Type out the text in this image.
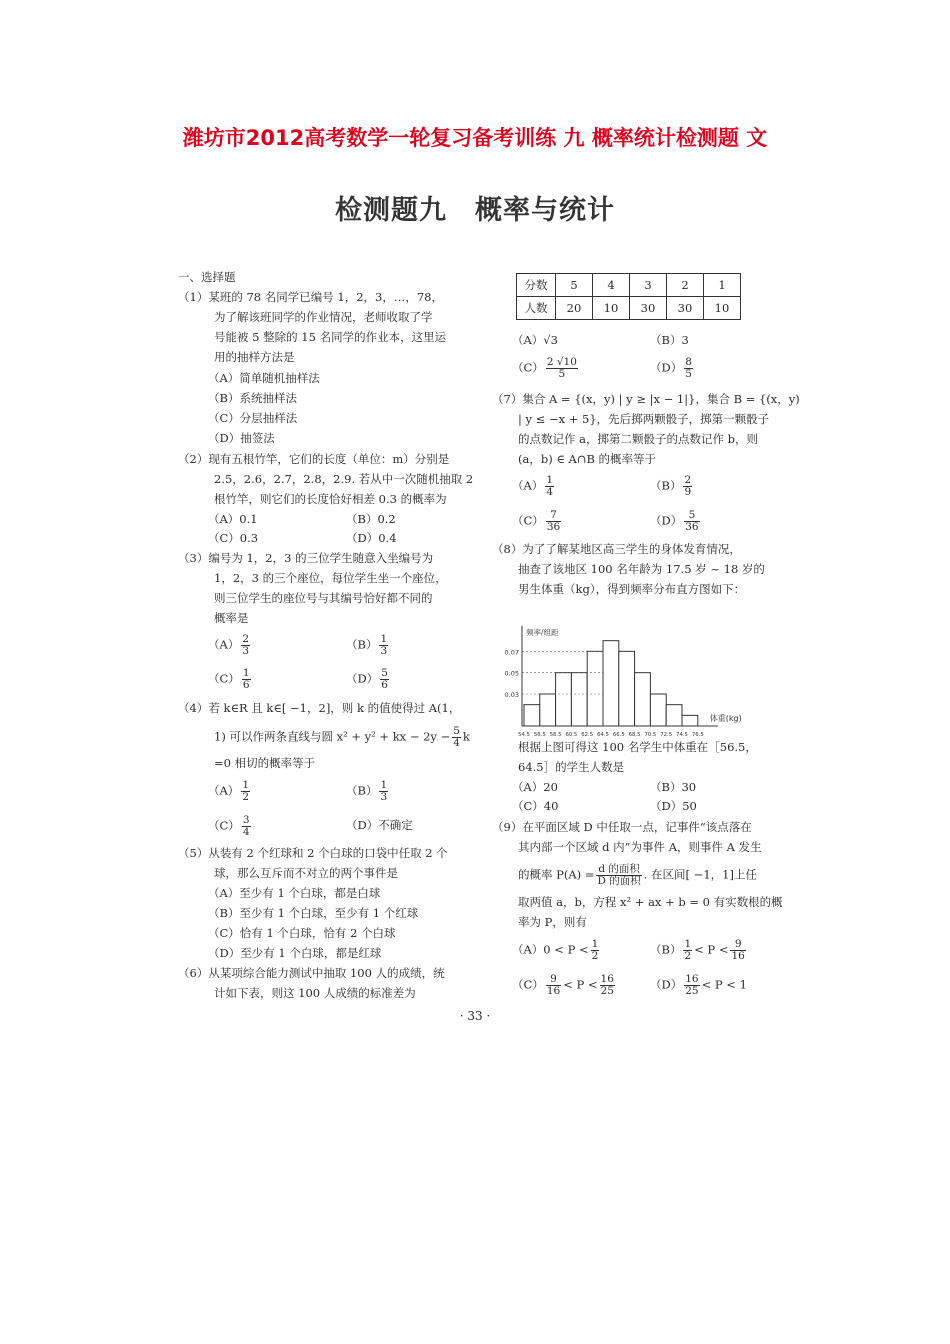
潍坊市2012高考数学一轮复习备考训练 九 概率统计检测题 文
检测题九　概率与统计
一、选择题
（1）某班的 78 名同学已编号 1，2，3，…，78，
为了解该班同学的作业情况，老师收取了学
号能被 5 整除的 15 名同学的作业本，这里运
用的抽样方法是
（A）简单随机抽样法
（B）系统抽样法
（C）分层抽样法
（D）抽签法
（2）现有五根竹竿，它们的长度（单位：m）分别是
2.5，2.6，2.7，2.8，2.9. 若从中一次随机抽取 2
根竹竿，则它们的长度恰好相差 0.3 的概率为
（A）0.1	（B）0.2
（C）0.3	（D）0.4
（3）编号为 1，2，3 的三位学生随意入坐编号为
1，2，3 的三个座位，每位学生坐一个座位，
则三位学生的座位号与其编号恰好都不同的
概率是
$(A) \frac{2}{3}$	$(B) \frac{1}{3}$
$(C) \frac{1}{6}$	$(D) \frac{5}{6}$
（4）若 k∈R 且 k∈[ −1，2]，则 k 的值使得过 A(1，
1) 可以作两条直线与圆 x² + y² + kx − $2y - \frac{5}{4}$ k
=0 相切的概率等于
$(A) \frac{1}{2}$	$(B) \frac{1}{3}$
$(C) \frac{3}{4}$	（D）不确定
（5）从装有 2 个红球和 2 个白球的口袋中任取 2 个
球，那么互斥而不对立的两个事件是
（A）至少有 1 个白球，都是白球
（B）至少有 1 个白球，至少有 1 个红球
（C）恰有 1 个白球，恰有 2 个白球
（D）至少有 1 个白球，都是红球
（6）从某项综合能力测试中抽取 100 人的成绩，统
计如下表，则这 100 人成绩的标准差为
分数	5	4	3	2	1
人数	20	10	30	30	10
（A）√3	（B）3
$(C) \frac{2 √10}{5}$	$(D) \frac{8}{5}$
（7）集合 A = {(x，y) | y ≥ |x − 1|}，集合 B = {(x，y)
| y ≤ −x + 5}，先后掷两颗骰子，掷第一颗骰子
的点数记作 a，掷第二颗骰子的点数记作 b，则
(a，b) ∈ A∩B 的概率等于
$(A) \frac{1}{4}$	$(B) \frac{2}{9}$
$(C) \frac{7}{36}$	$(D) \frac{5}{36}$
（8）为了了解某地区高三学生的身体发育情况，
抽查了该地区 100 名年龄为 17.5 岁 ~ 18 岁的
男生体重（kg），得到频率分布直方图如下：
频率/组距
0.03
0.05
0.07
54.5 56.5 58.5 60.5 62.5 64.5 66.5 68.5 70.5 72.5 74.5 76.5
体重(kg)
根据上图可得这 100 名学生中体重在［56.5，
64.5］的学生人数是
（A）20	（B）30
（C）40	（D）50
（9）在平面区域 D 中任取一点，记事件“该点落在
其内部一个区域 d 内”为事件 A，则事件 A 发生
的概率 $P(A) = \frac{\text{d 的面积}}{\text{D 的面积}}$ . 在区间[ −1，1]上任
取两值 a，b，方程 x² + ax + b = 0 有实数根的概
率为 P，则有
$(A)0 < P < \frac{1}{2}$	$(B) \frac{1}{2} < P < \frac{9}{16}$
$(C) \frac{9}{16} < P < \frac{16}{25}$	$(D) \frac{16}{25} < P < 1$
· 33 ·
